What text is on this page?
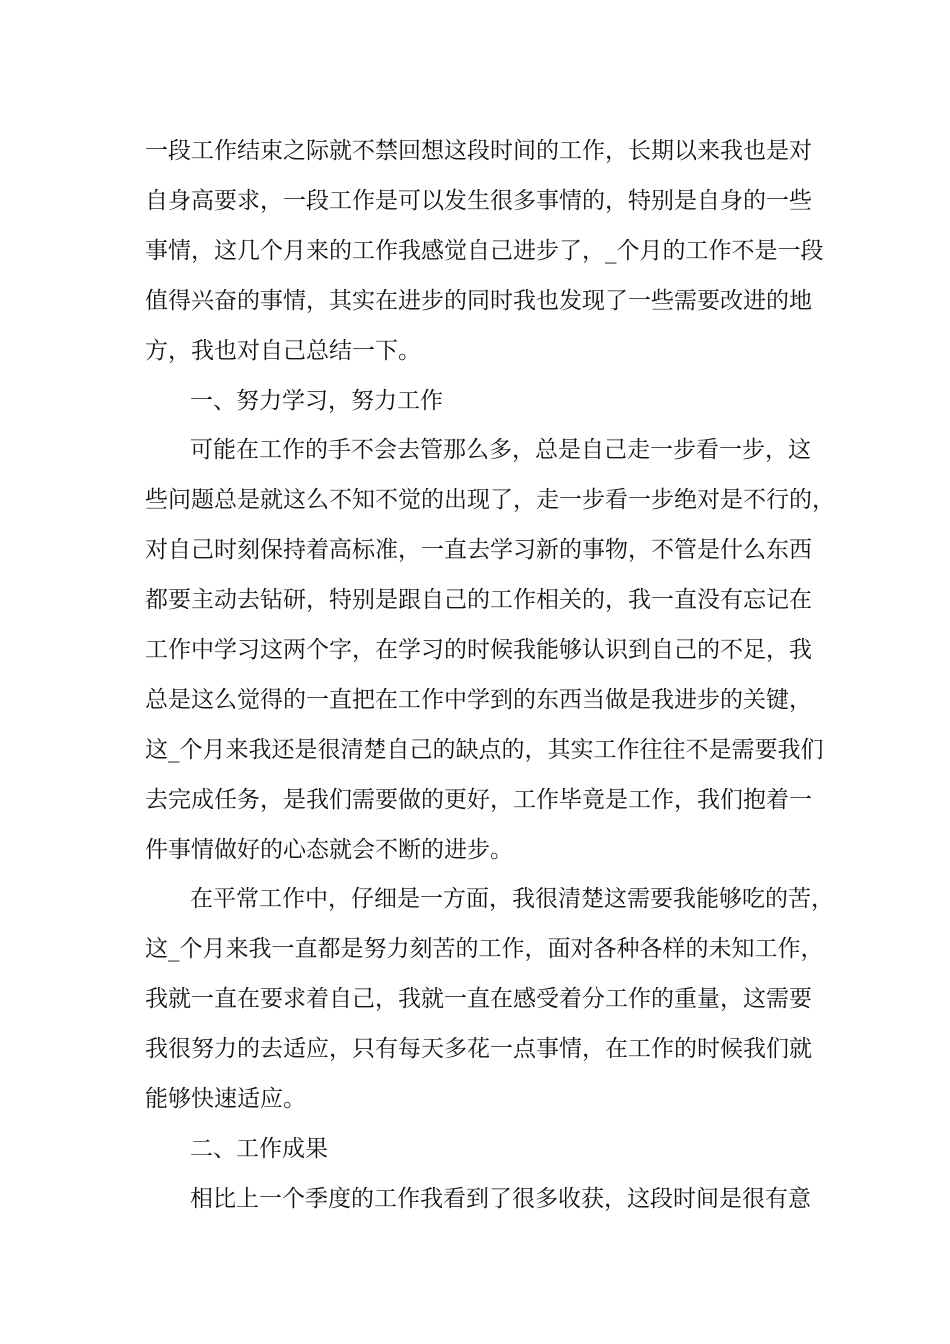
一段工作结束之际就不禁回想这段时间的工作，长期以来我也是对
自身高要求，一段工作是可以发生很多事情的，特别是自身的一些
事情，这几个月来的工作我感觉自己进步了，_个月的工作不是一段
值得兴奋的事情，其实在进步的同时我也发现了一些需要改进的地
方，我也对自己总结一下。
一、努力学习，努力工作
可能在工作的手不会去管那么多，总是自己走一步看一步，这
些问题总是就这么不知不觉的出现了，走一步看一步绝对是不行的，
对自己时刻保持着高标准，一直去学习新的事物，不管是什么东西
都要主动去钻研，特别是跟自己的工作相关的，我一直没有忘记在
工作中学习这两个字，在学习的时候我能够认识到自己的不足，我
总是这么觉得的一直把在工作中学到的东西当做是我进步的关键，
这_个月来我还是很清楚自己的缺点的，其实工作往往不是需要我们
去完成任务，是我们需要做的更好，工作毕竟是工作，我们抱着一
件事情做好的心态就会不断的进步。
在平常工作中，仔细是一方面，我很清楚这需要我能够吃的苦，
这_个月来我一直都是努力刻苦的工作，面对各种各样的未知工作，
我就一直在要求着自己，我就一直在感受着分工作的重量，这需要
我很努力的去适应，只有每天多花一点事情，在工作的时候我们就
能够快速适应。
二、工作成果
相比上一个季度的工作我看到了很多收获，这段时间是很有意
